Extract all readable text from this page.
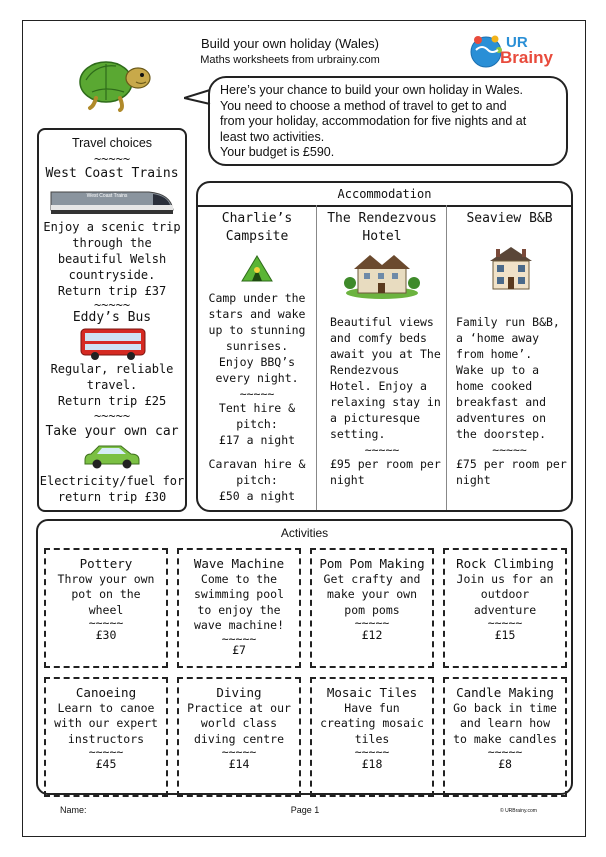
Build your own holiday (Wales)
Maths worksheets from urbrainy.com
UR
Brainy
Here’s your chance to build your own holiday in Wales.
You need to choose a method of travel to get to and
from your holiday, accommodation for five nights and at
least two activities.
Your budget is £590.
Travel choices
~~~~~
West Coast Trains
West Coast Trains
Enjoy a scenic trip
through the
beautiful Welsh
countryside.
Return trip £37
~~~~~
Eddy’s Bus
Regular, reliable
travel.
Return trip £25
~~~~~
Take your own car
Electricity/fuel for
return trip £30
Accommodation
Charlie’s
Campsite
Camp under the
stars and wake
up to stunning
sunrises.
Enjoy BBQ’s
every night.
~~~~~
Tent hire &
pitch:
£17 a night
Caravan hire &
pitch:
£50 a night
The Rendezvous
Hotel
Beautiful views
and comfy beds
await you at The
Rendezvous
Hotel. Enjoy a
relaxing stay in
a picturesque
setting.
~~~~~
£95 per room per
night
Seaview B&B
Family run B&B,
a ‘home away
from home’.
Wake up to a
home cooked
breakfast and
adventures on
the doorstep.
~~~~~
£75 per room per
night
Activities
Pottery
Throw your own
pot on the
wheel
~~~~~
£30
Wave Machine
Come to the
swimming pool
to enjoy the
wave machine!
~~~~~
£7
Pom Pom Making
Get crafty and
make your own
pom poms
~~~~~
£12
Rock Climbing
Join us for an
outdoor
adventure
~~~~~
£15
Canoeing
Learn to canoe
with our expert
instructors
~~~~~
£45
Diving
Practice at our
world class
diving centre
~~~~~
£14
Mosaic Tiles
Have fun
creating mosaic
tiles
~~~~~
£18
Candle Making
Go back in time
and learn how
to make candles
~~~~~
£8
Name:	Page 1	© URBrainy.com
